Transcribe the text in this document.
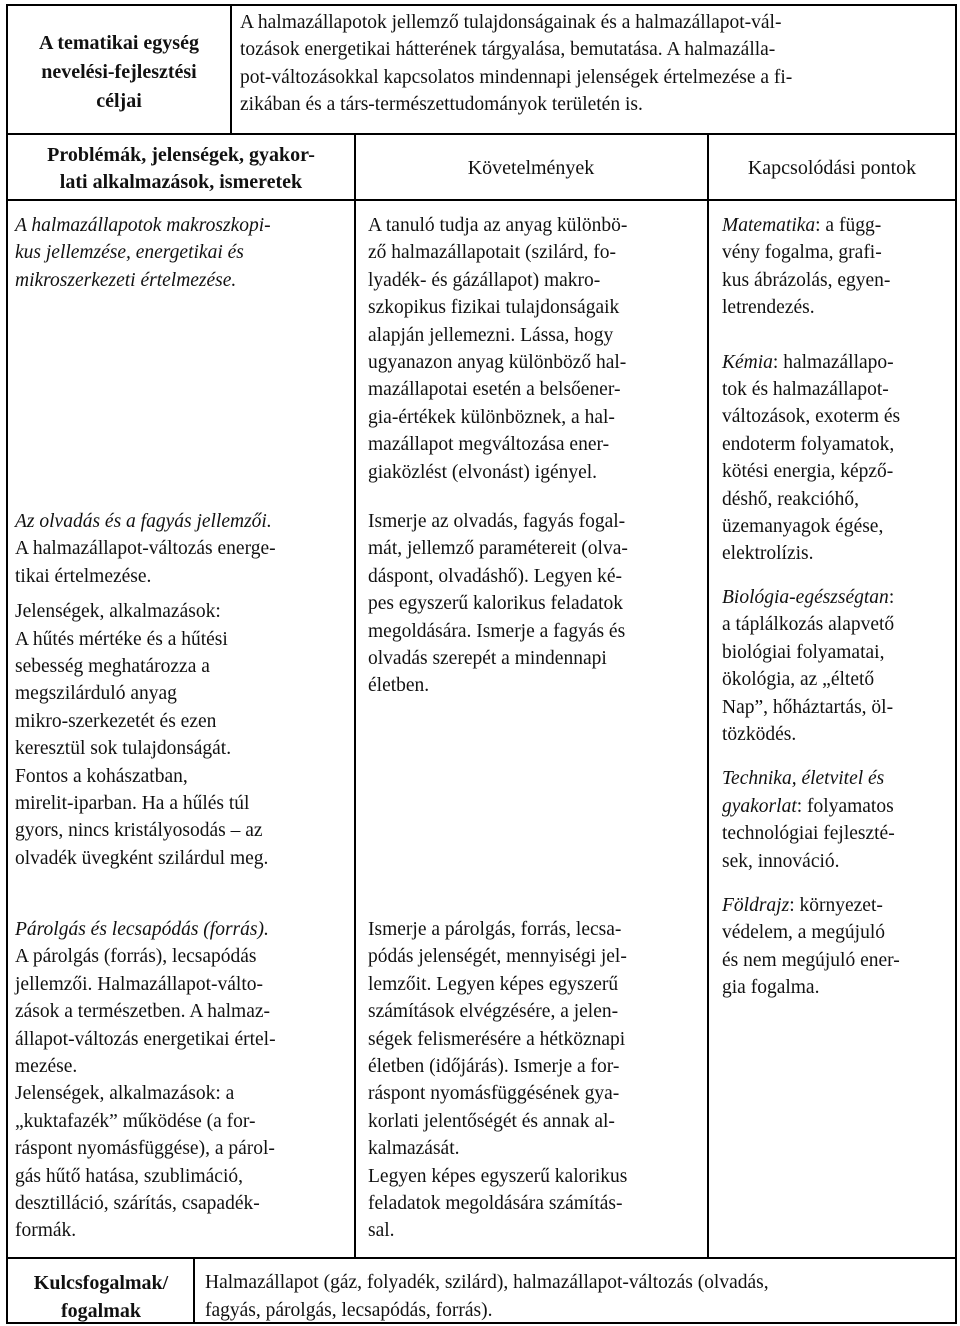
A tematikai egység

nevelési-fejlesztési

céljai

A halmazállapotok jellemző tulajdonságainak és a halmazállapot-vál-

tozások energetikai hátterének tárgyalása, bemutatása. A halmazálla-

pot-változásokkal kapcsolatos mindennapi jelenségek értelmezése a fi-

zikában és a társ-természettudományok területén is.

Problémák, jelenségek, gyakor-

lati alkalmazások, ismeretek

Követelmények	Kapcsolódási pontok

A halmazállapotok makroszkopi-

kus jellemzése, energetikai és

mikroszerkezeti értelmezése.

Az olvadás és a fagyás jellemzői.

A halmazállapot-változás energe-

tikai értelmezése.

Jelenségek, alkalmazások:

A hűtés mértéke és a hűtési

sebesség meghatározza a

megszilárduló anyag

mikro-szerkezetét és ezen

keresztül sok tulajdonságát.

Fontos a kohászatban,

mirelit-iparban. Ha a hűlés túl

gyors, nincs kristályosodás – az

olvadék üvegként szilárdul meg.

Párolgás és lecsapódás (forrás).

A párolgás (forrás), lecsapódás

jellemzői. Halmazállapot-válto-

zások a természetben. A halmaz-

állapot-változás energetikai értel-

mezése.

Jelenségek, alkalmazások: a

„kuktafazék” működése (a for-

ráspont nyomásfüggése), a párol-

gás hűtő hatása, szublimáció,

desztilláció, szárítás, csapadék-

formák.

A tanuló tudja az anyag különbö-

ző halmazállapotait (szilárd, fo-

lyadék- és gázállapot) makro-

szkopikus fizikai tulajdonságaik

alapján jellemezni. Lássa, hogy

ugyanazon anyag különböző hal-

mazállapotai esetén a belsőener-

gia-értékek különböznek, a hal-

mazállapot megváltozása ener-

giaközlést (elvonást) igényel.

Ismerje az olvadás, fagyás fogal-

mát, jellemző paramétereit (olva-

dáspont, olvadáshő). Legyen ké-

pes egyszerű kalorikus feladatok

megoldására. Ismerje a fagyás és

olvadás szerepét a mindennapi

életben.

Ismerje a párolgás, forrás, lecsa-

pódás jelenségét, mennyiségi jel-

lemzőit. Legyen képes egyszerű

számítások elvégzésére, a jelen-

ségek felismerésére a hétköznapi

életben (időjárás). Ismerje a for-

ráspont nyomásfüggésének gya-

korlati jelentőségét és annak al-

kalmazását.

Legyen képes egyszerű kalorikus

feladatok megoldására számítás-

sal.

Matematika: a függ-

vény fogalma, grafi-

kus ábrázolás, egyen-

letrendezés.

Kémia: halmazállapo-

tok és halmazállapot-

változások, exoterm és

endoterm folyamatok,

kötési energia, képző-

déshő, reakcióhő,

üzemanyagok égése,

elektrolízis.

Biológia-egészségtan:

a táplálkozás alapvető

biológiai folyamatai,

ökológia, az „éltető

Nap”, hőháztartás, öl-

tözködés.

Technika, életvitel és

gyakorlat: folyamatos

technológiai fejleszté-

sek, innováció.

Földrajz: környezet-

védelem, a megújuló

és nem megújuló ener-

gia fogalma.

Kulcsfogalmak/

fogalmak

Halmazállapot (gáz, folyadék, szilárd), halmazállapot-változás (olvadás,

fagyás, párolgás, lecsapódás, forrás).
